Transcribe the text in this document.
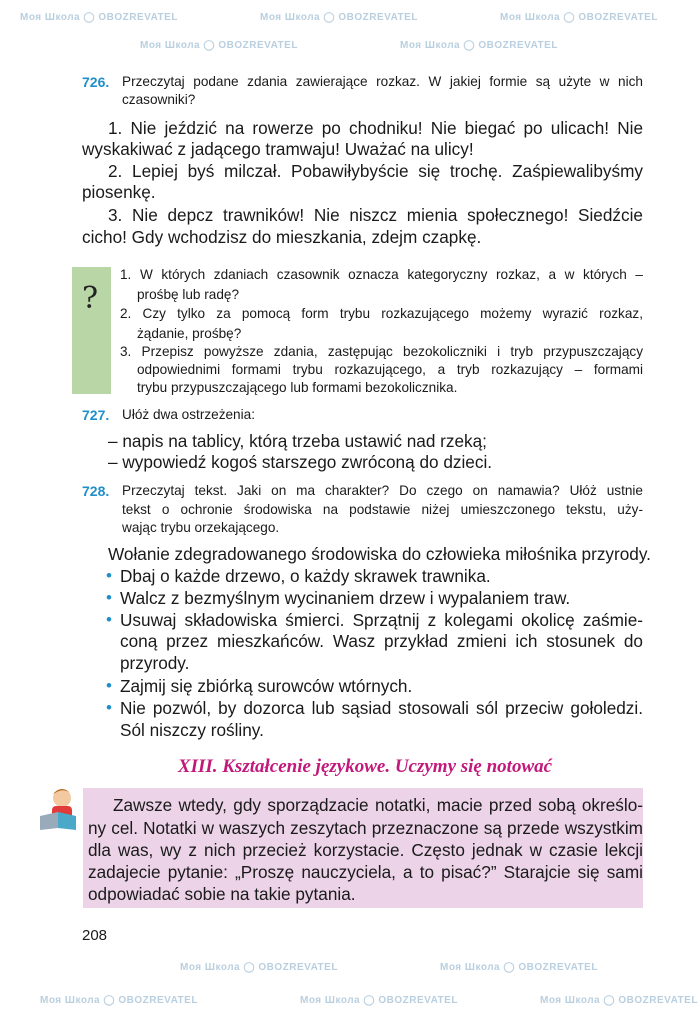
Моя Школа ◯ OBOZREVATEL	Моя Школа ◯ OBOZREVATEL	Моя Школа ◯ OBOZREVATEL
Моя Школа ◯ OBOZREVATEL	Моя Школа ◯ OBOZREVATEL
Моя Школа ◯ OBOZREVATEL	Моя Школа ◯ OBOZREVATEL
Моя Школа ◯ OBOZREVATEL	Моя Школа ◯ OBOZREVATEL	Моя Школа ◯ OBOZREVATEL
726.
?
727.
728.
XIII. Kształcenie językowe. Uczymy się notować
208
Przeczytaj podane zdania zawierające rozkaz. W jakiej formie są użyte w nich
czasowniki?
1. Nie jeździć na rowerze po chodniku! Nie biegać po ulicach! Nie
wyskakiwać z jadącego tramwaju! Uważać na ulicy!
2. Lepiej byś milczał. Pobawiłybyście się trochę. Zaśpiewalibyśmy
piosenkę.
3. Nie depcz trawników! Nie niszcz mienia społecznego! Siedźcie
cicho! Gdy wchodzisz do mieszkania, zdejm czapkę.
1. W których zdaniach czasownik oznacza kategoryczny rozkaz, a w których –
prośbę lub radę?
2. Czy tylko za pomocą form trybu rozkazującego możemy wyrazić rozkaz,
żądanie, prośbę?
3. Przepisz powyższe zdania, zastępując bezokoliczniki i tryb przypuszczający
odpowiednimi formami trybu rozkazującego, a tryb rozkazujący – formami
trybu przypuszczającego lub formami bezokolicznika.
Ułóż dwa ostrzeżenia:
– napis na tablicy, którą trzeba ustawić nad rzeką;
– wypowiedź kogoś starszego zwróconą do dzieci.
Przeczytaj tekst. Jaki on ma charakter? Do czego on namawia? Ułóż ustnie
tekst o ochronie środowiska na podstawie niżej umieszczonego tekstu, uży-
wając trybu orzekającego.
Wołanie zdegradowanego środowiska do człowieka miłośnika przyrody.
Dbaj o każde drzewo, o każdy skrawek trawnika.
•
Walcz z bezmyślnym wycinaniem drzew i wypalaniem traw.
•
Usuwaj składowiska śmierci. Sprzątnij z kolegami okolicę zaśmie-
•
coną przez mieszkańców. Wasz przykład zmieni ich stosunek do
przyrody.
Zajmij się zbiórką surowców wtórnych.
•
Nie pozwól, by dozorca lub sąsiad stosowali sól przeciw gołoledzi.
•
Sól niszczy rośliny.
Zawsze wtedy, gdy sporządzacie notatki, macie przed sobą określo-
ny cel. Notatki w waszych zeszytach przeznaczone są przede wszystkim
dla was, wy z nich przecież korzystacie. Często jednak w czasie lekcji
zadajecie pytanie: „Proszę nauczyciela, a to pisać?” Starajcie się sami
odpowiadać sobie na takie pytania.
